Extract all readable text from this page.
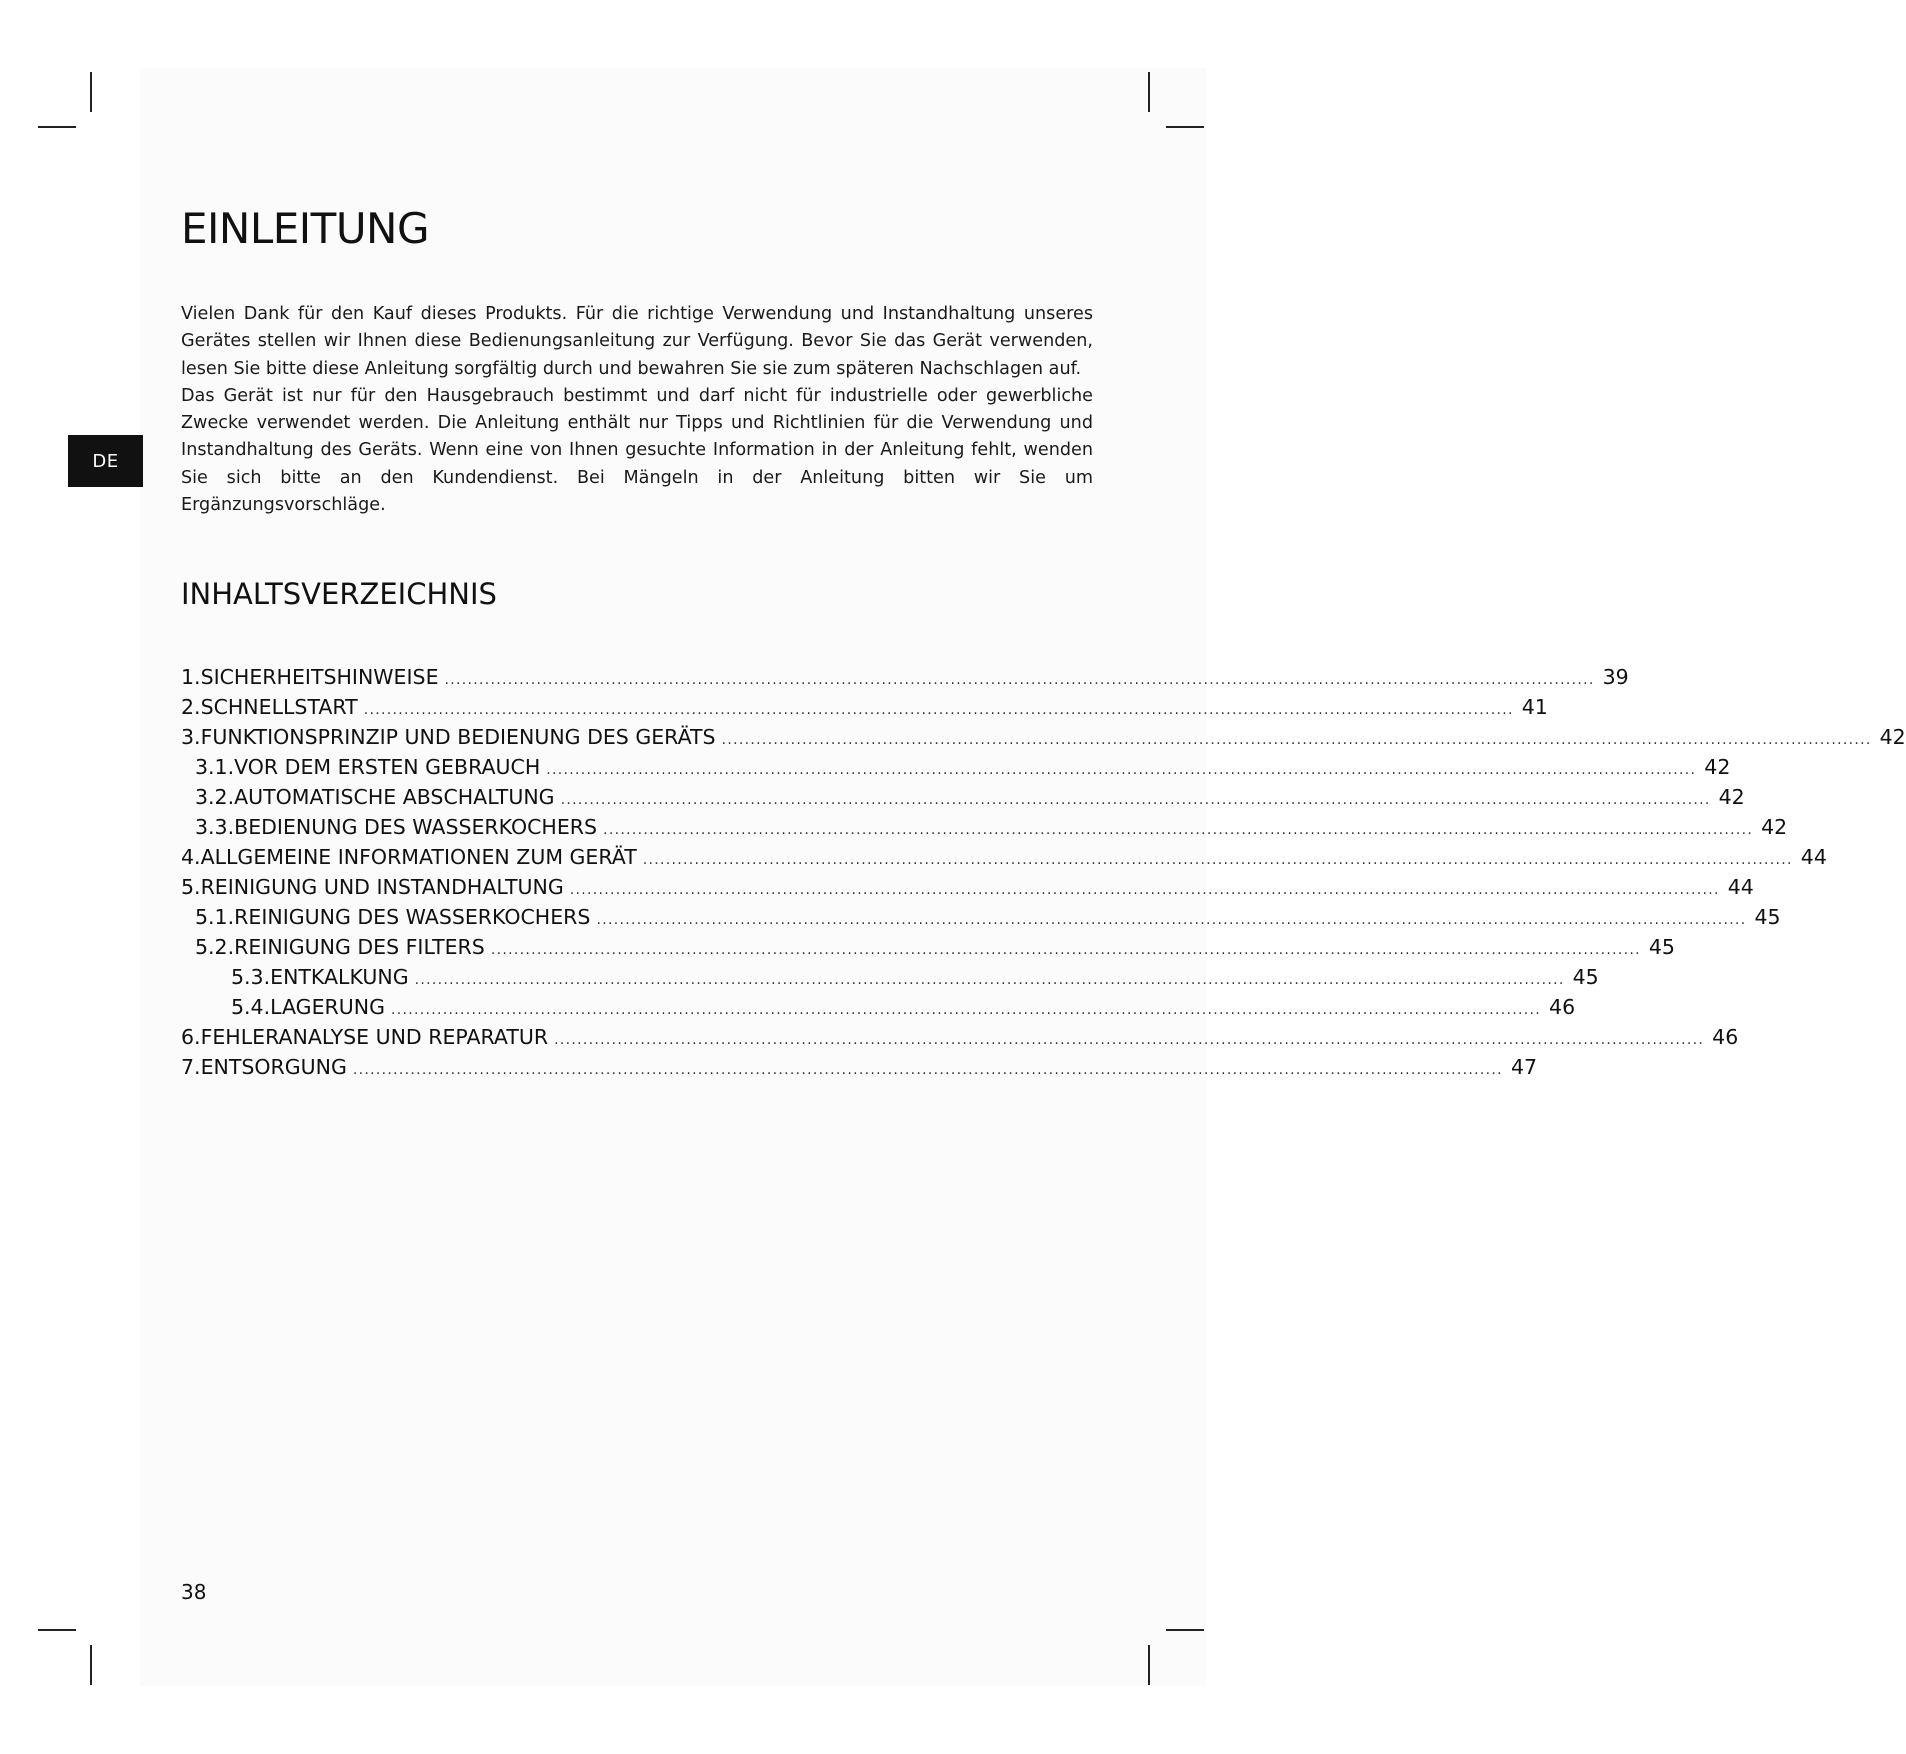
DE
EINLEITUNG

Vielen Dank für den Kauf dieses Produkts. Für die richtige Verwendung und Instandhaltung unseres Gerätes stellen wir Ihnen diese Bedienungsanleitung zur Verfügung. Bevor Sie das Gerät verwenden, lesen Sie bitte diese Anleitung sorgfältig durch und bewahren Sie sie zum späteren Nachschlagen auf.

Das Gerät ist nur für den Hausgebrauch bestimmt und darf nicht für industrielle oder gewerbliche Zwecke verwendet werden. Die Anleitung enthält nur Tipps und Richtlinien für die Verwendung und Instandhaltung des Geräts. Wenn eine von Ihnen gesuchte Information in der Anleitung fehlt, wenden Sie sich bitte an den Kundendienst. Bei Mängeln in der Anleitung bitten wir Sie um Ergänzungsvorschläge.

INHALTSVERZEICHNIS
1. SICHERHEITSHINWEISE ........................................................................................................................................................................................................ 39
2. SCHNELLSTART ........................................................................................................................................................................................................ 41
3. FUNKTIONSPRINZIP UND BEDIENUNG DES GERÄTS ........................................................................................................................................................................................................ 42
3.1. VOR DEM ERSTEN GEBRAUCH ........................................................................................................................................................................................................ 42
3.2. AUTOMATISCHE ABSCHALTUNG ........................................................................................................................................................................................................ 42
3.3. BEDIENUNG DES WASSERKOCHERS ........................................................................................................................................................................................................ 42
4. ALLGEMEINE INFORMATIONEN ZUM GERÄT ........................................................................................................................................................................................................ 44
5. REINIGUNG UND INSTANDHALTUNG ........................................................................................................................................................................................................ 44
5.1. REINIGUNG DES WASSERKOCHERS ........................................................................................................................................................................................................ 45
5.2. REINIGUNG DES FILTERS ........................................................................................................................................................................................................ 45
5.3. ENTKALKUNG ........................................................................................................................................................................................................ 45
5.4. LAGERUNG ........................................................................................................................................................................................................ 46
6. FEHLERANALYSE UND REPARATUR ........................................................................................................................................................................................................ 46
7. ENTSORGUNG ........................................................................................................................................................................................................ 47
38
